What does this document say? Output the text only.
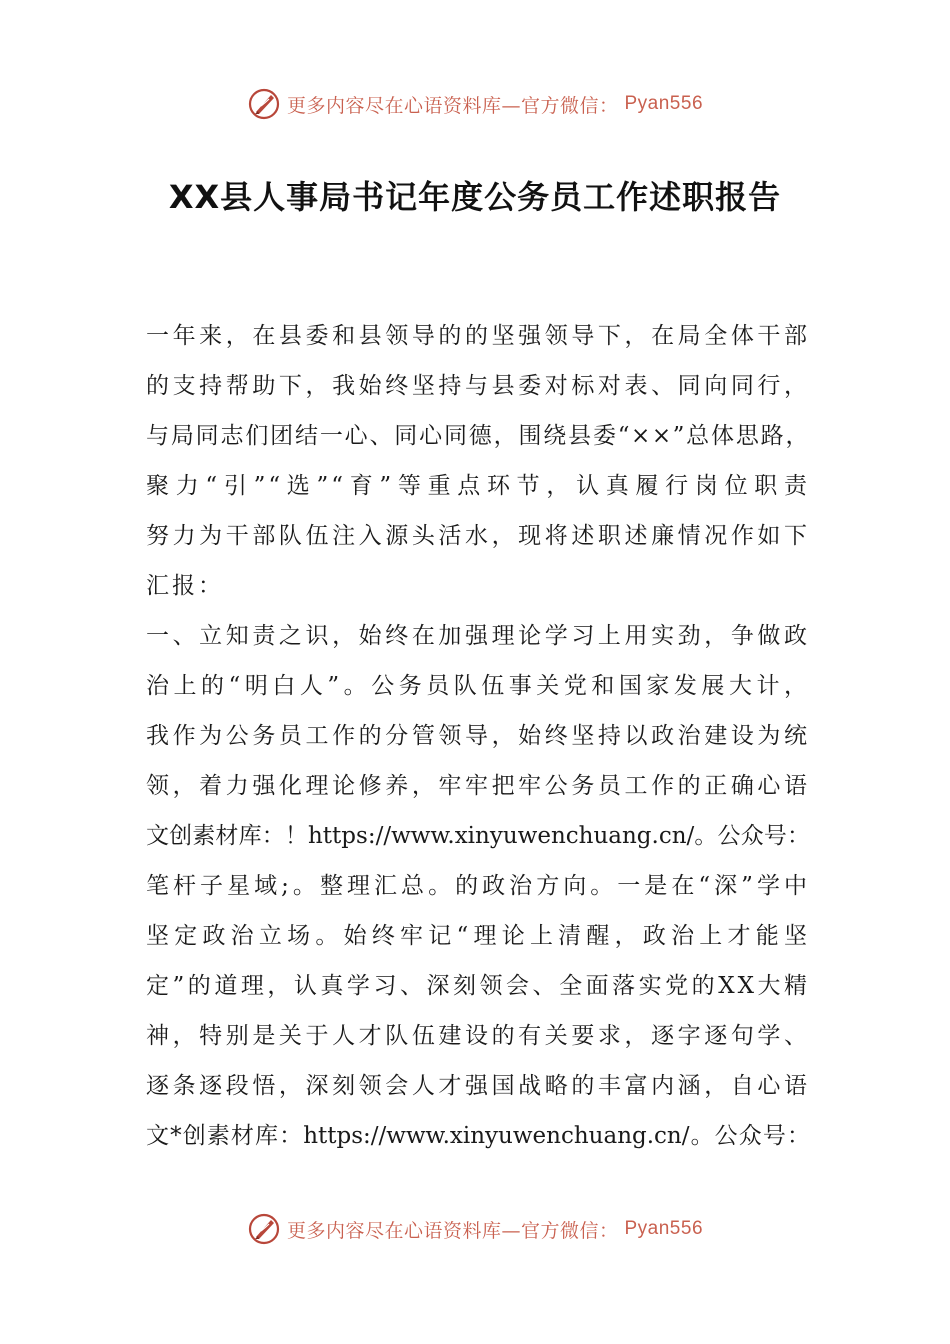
更多内容尽在心语资料库—官方微信： Pyan556
XX县人事局书记年度公务员工作述职报告
一年来，在县委和县领导的的坚强领导下，在局全体干部
的支持帮助下，我始终坚持与县委对标对表、同向同行，
与局同志们团结一心、同心同德，围绕县委“××”总体思路，
聚力“引”“选”“育”等重点环节，认真履行岗位职责
努力为干部队伍注入源头活水，现将述职述廉情况作如下
汇报：
一、立知责之识，始终在加强理论学习上用实劲，争做政
治上的“明白人”。公务员队伍事关党和国家发展大计，
我作为公务员工作的分管领导，始终坚持以政治建设为统
领，着力强化理论修养，牢牢把牢公务员工作的正确心语
文创素材库：！https://www.xinyuwenchuang.cn/。公众号：
笔杆子星域;。整理汇总。的政治方向。一是在“深”学中
坚定政治立场。始终牢记“理论上清醒，政治上才能坚
定”的道理，认真学习、深刻领会、全面落实党的XX大精
神，特别是关于人才队伍建设的有关要求，逐字逐句学、
逐条逐段悟，深刻领会人才强国战略的丰富内涵，自心语
文*创素材库：https://www.xinyuwenchuang.cn/。公众号：
更多内容尽在心语资料库—官方微信： Pyan556
